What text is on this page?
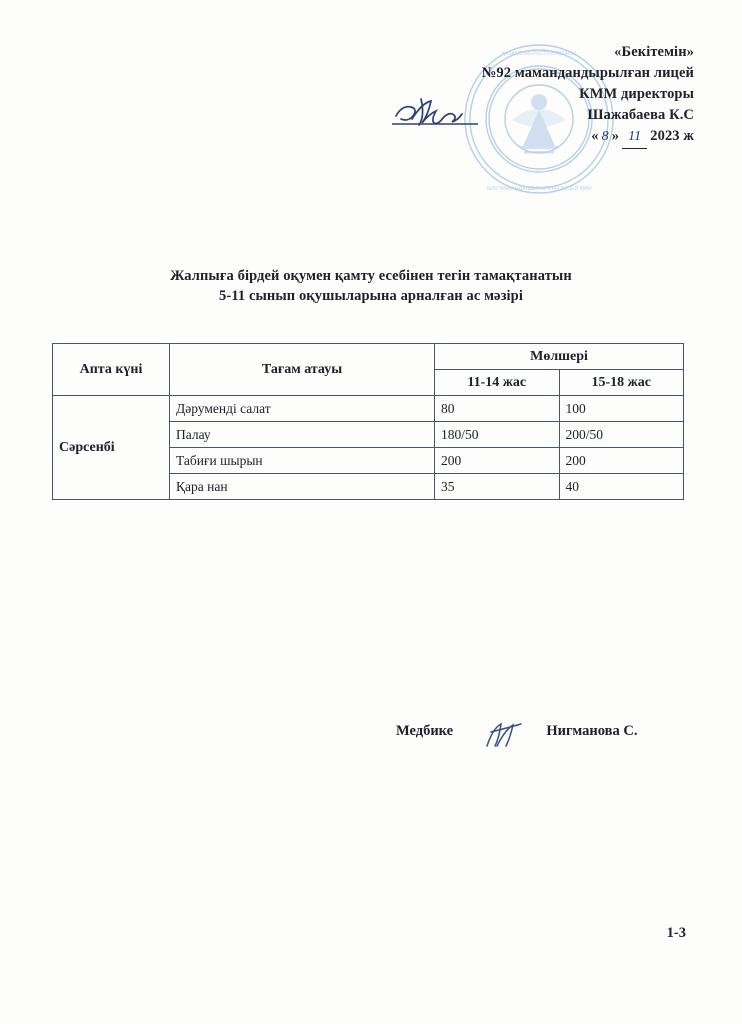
ҚАЗАҚСТАН РЕСПУБЛИКАСЫ
№92 МАМАНДАНДЫРЫЛҒАН ЛИЦЕЙ КММ
«Бекітемін»
№92 мамандандырылған лицей
КММ директоры
Шажабаева К.С
« 8 » 11 2023 ж
Жалпыға бірдей оқумен қамту есебінен тегін тамақтанатын
5-11 сынып оқушыларына арналған ас мәзірі
Апта күні	Тағам атауы	Мөлшері	
		11-14 жас	15-18 жас
Сәрсенбі	Дәруменді салат	80	100
	Палау	180/50	200/50
	Табиғи шырын	200	200
	Қара нан	35	40
Медбике	Нигманова С.
1-3
